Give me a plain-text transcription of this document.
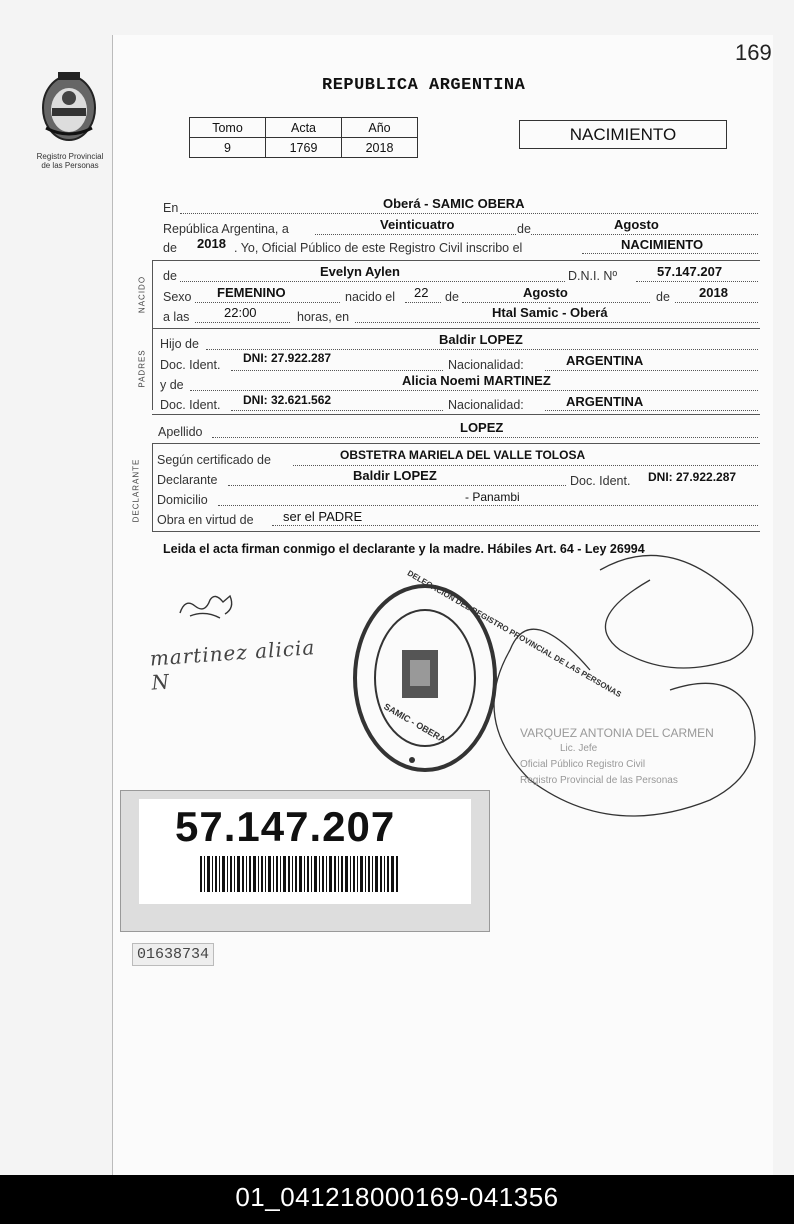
169
Registro Provincial
de las Personas
REPUBLICA ARGENTINA
Tomo	Acta	Año
9	1769	2018
NACIMIENTO
En	Oberá - SAMIC OBERA
República Argentina, a	Veinticuatro	de	Agosto
de 2018 . Yo, Oficial Público de este Registro Civil inscribo el	NACIMIENTO
NACIDO de	Evelyn Aylen	D.N.I. Nº	57.147.207
Sexo FEMENINO	nacido el 22 de	Agosto	de 2018
a las	22:00	horas, en	Htal Samic - Oberá
PADRES
Hijo de	Baldir LOPEZ
Doc. Ident. DNI: 27.922.287	Nacionalidad:	ARGENTINA
y de	Alicia Noemi MARTINEZ
Doc. Ident. DNI: 32.621.562	Nacionalidad:	ARGENTINA
Apellido	LOPEZ
DECLARANTE Según certificado de	OBSTETRA MARIELA DEL VALLE TOLOSA
Declarante	Baldir LOPEZ	Doc. Ident. DNI: 27.922.287
Domicilio	- Panambi
Obra en virtud de ser el PADRE
Leida el acta firman conmigo el declarante y la madre. Hábiles Art. 64 - Ley 26994
martinez alicia N
SAMIC - OBERA	VARQUEZ ANTONIA DEL CARMEN
Lic. Jefe
Oficial Público Registro Civil
Registro Provincial de las Personas
57.147.207
01638734
01_041218000169-041356
